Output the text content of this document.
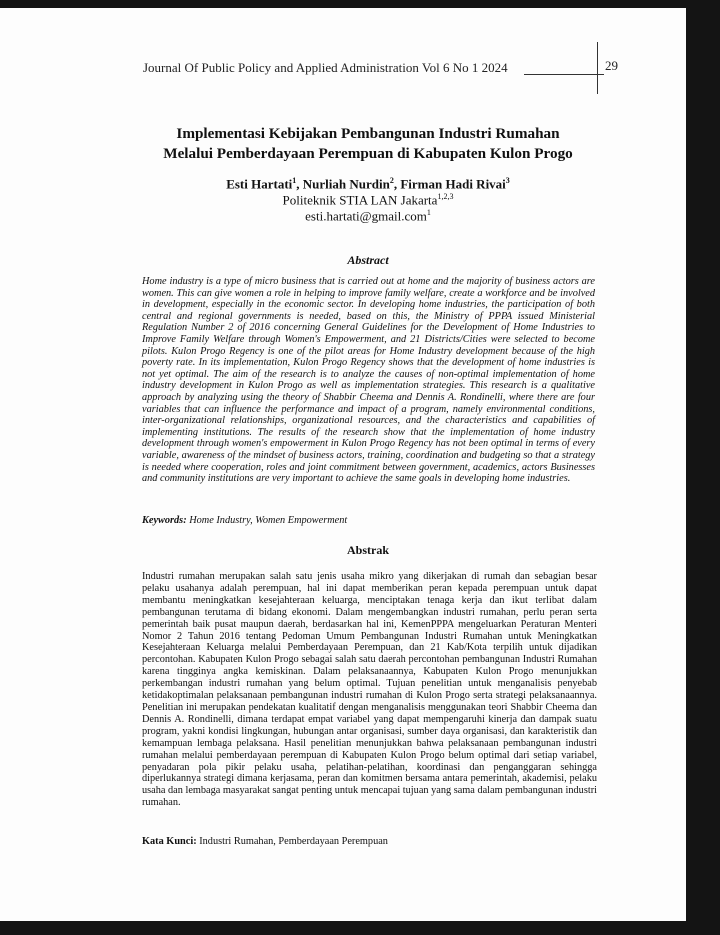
Journal Of Public Policy and Applied Administration Vol 6 No 1 2024	29
Implementasi Kebijakan Pembangunan Industri Rumahan
Melalui Pemberdayaan Perempuan di Kabupaten Kulon Progo
Esti Hartati$^1$, Nurliah Nurdin$^2$, Firman Hadi Rivai$^3$
Politeknik STIA LAN Jakarta$^{1,2,3}$
esti.hartati@gmail.com$^1$
Abstract
Home industry is a type of micro business that is carried out at home and the majority of business actors are women. This can give women a role in helping to improve family welfare, create a workforce and be involved in development, especially in the economic sector. In developing home industries, the participation of both central and regional governments is needed, based on this, the Ministry of PPPA issued Ministerial Regulation Number 2 of 2016 concerning General Guidelines for the Development of Home Industries to Improve Family Welfare through Women's Empowerment, and 21 Districts/Cities were selected to become pilots. Kulon Progo Regency is one of the pilot areas for Home Industry development because of the high poverty rate. In its implementation, Kulon Progo Regency shows that the development of home industries is not yet optimal. The aim of the research is to analyze the causes of non-optimal implementation of home industry development in Kulon Progo as well as implementation strategies. This research is a qualitative approach by analyzing using the theory of Shabbir Cheema and Dennis A. Rondinelli, where there are four variables that can influence the performance and impact of a program, namely environmental conditions, inter-organizational relationships, organizational resources, and the characteristics and capabilities of implementing institutions. The results of the research show that the implementation of home industry development through women's empowerment in Kulon Progo Regency has not been optimal in terms of every variable, awareness of the mindset of business actors, training, coordination and budgeting so that a strategy is needed where cooperation, roles and joint commitment between government, academics, actors Businesses and community institutions are very important to achieve the same goals in developing home industries.
Keywords: Home Industry, Women Empowerment
Abstrak
Industri rumahan merupakan salah satu jenis usaha mikro yang dikerjakan di rumah dan sebagian besar pelaku usahanya adalah perempuan, hal ini dapat memberikan peran kepada perempuan untuk dapat membantu meningkatkan kesejahteraan keluarga, menciptakan tenaga kerja dan ikut terlibat dalam pembangunan terutama di bidang ekonomi. Dalam mengembangkan industri rumahan, perlu peran serta pemerintah baik pusat maupun daerah, berdasarkan hal ini, KemenPPPA mengeluarkan Peraturan Menteri Nomor 2 Tahun 2016 tentang Pedoman Umum Pembangunan Industri Rumahan untuk Meningkatkan Kesejahteraan Keluarga melalui Pemberdayaan Perempuan, dan 21 Kab/Kota terpilih untuk dijadikan percontohan. Kabupaten Kulon Progo sebagai salah satu daerah percontohan pembangunan Industri Rumahan karena tingginya angka kemiskinan. Dalam pelaksanaannya, Kabupaten Kulon Progo menunjukkan perkembangan industri rumahan yang belum optimal. Tujuan penelitian untuk menganalisis penyebab ketidakoptimalan pelaksanaan pembangunan industri rumahan di Kulon Progo serta strategi pelaksanaannya. Penelitian ini merupakan pendekatan kualitatif dengan menganalisis menggunakan teori Shabbir Cheema dan Dennis A. Rondinelli, dimana terdapat empat variabel yang dapat mempengaruhi kinerja dan dampak suatu program, yakni kondisi lingkungan, hubungan antar organisasi, sumber daya organisasi, dan karakteristik dan kemampuan lembaga pelaksana. Hasil penelitian menunjukkan bahwa pelaksanaan pembangunan industri rumahan melalui pemberdayaan perempuan di Kabupaten Kulon Progo belum optimal dari setiap variabel, penyadaran pola pikir pelaku usaha, pelatihan-pelatihan, koordinasi dan penganggaran sehingga diperlukannya strategi dimana kerjasama, peran dan komitmen bersama antara pemerintah, akademisi, pelaku usaha dan lembaga masyarakat sangat penting untuk mencapai tujuan yang sama dalam pembangunan industri rumahan.
Kata Kunci: Industri Rumahan, Pemberdayaan Perempuan
